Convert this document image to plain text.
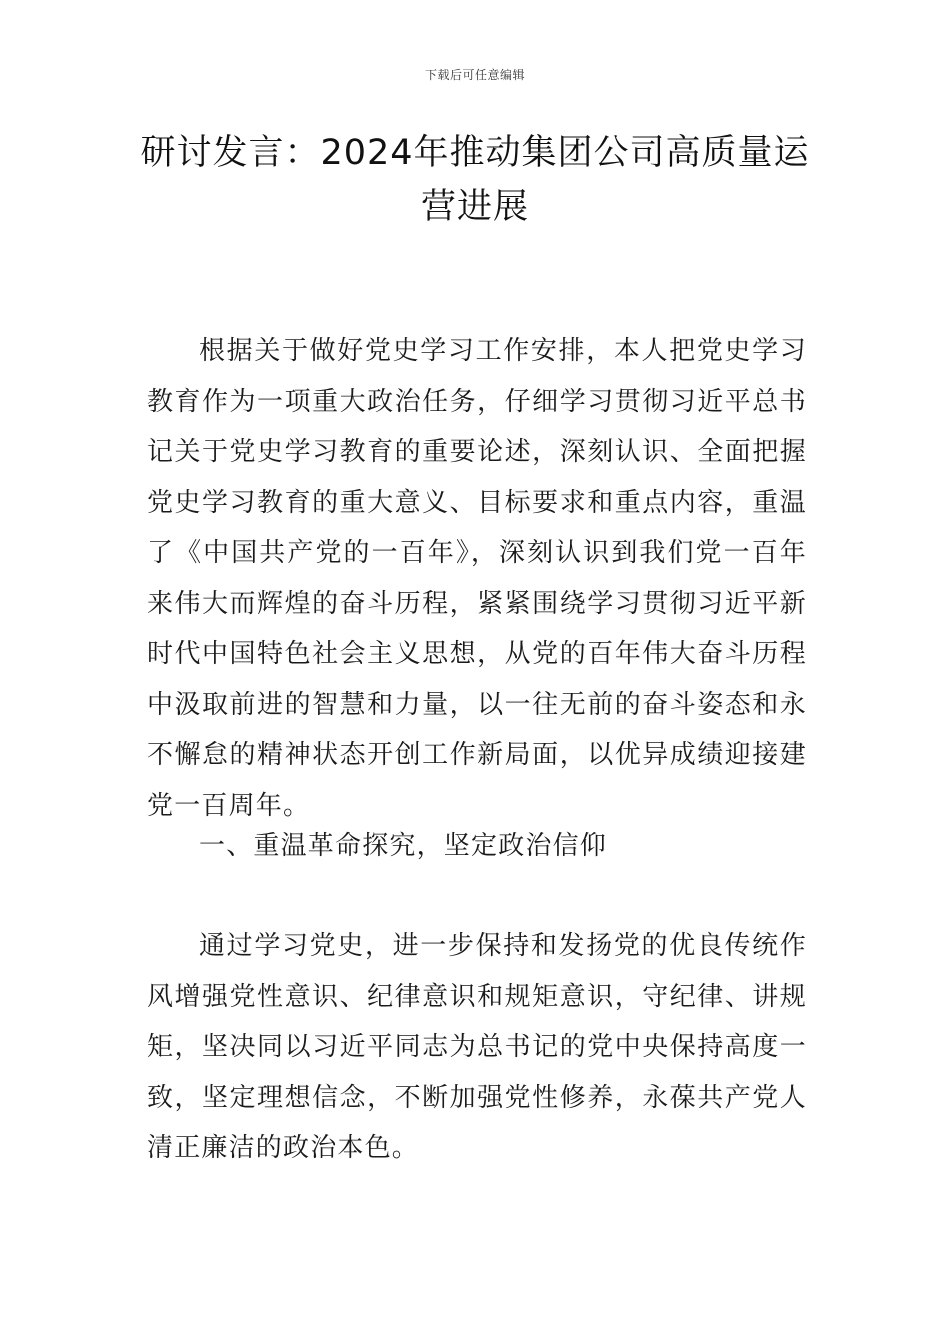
下载后可任意编辑
研讨发言：2024年推动集团公司高质量运营进展
根据关于做好党史学习工作安排，本人把党史学习教育作为一项重大政治任务，仔细学习贯彻习近平总书记关于党史学习教育的重要论述，深刻认识、全面把握党史学习教育的重大意义、目标要求和重点内容，重温了《中国共产党的一百年》，深刻认识到我们党一百年来伟大而辉煌的奋斗历程，紧紧围绕学习贯彻习近平新时代中国特色社会主义思想，从党的百年伟大奋斗历程中汲取前进的智慧和力量，以一往无前的奋斗姿态和永不懈怠的精神状态开创工作新局面，以优异成绩迎接建党一百周年。
一、重温革命探究，坚定政治信仰
通过学习党史，进一步保持和发扬党的优良传统作风增强党性意识、纪律意识和规矩意识，守纪律、讲规矩，坚决同以习近平同志为总书记的党中央保持高度一致，坚定理想信念，不断加强党性修养，永葆共产党人清正廉洁的政治本色。
